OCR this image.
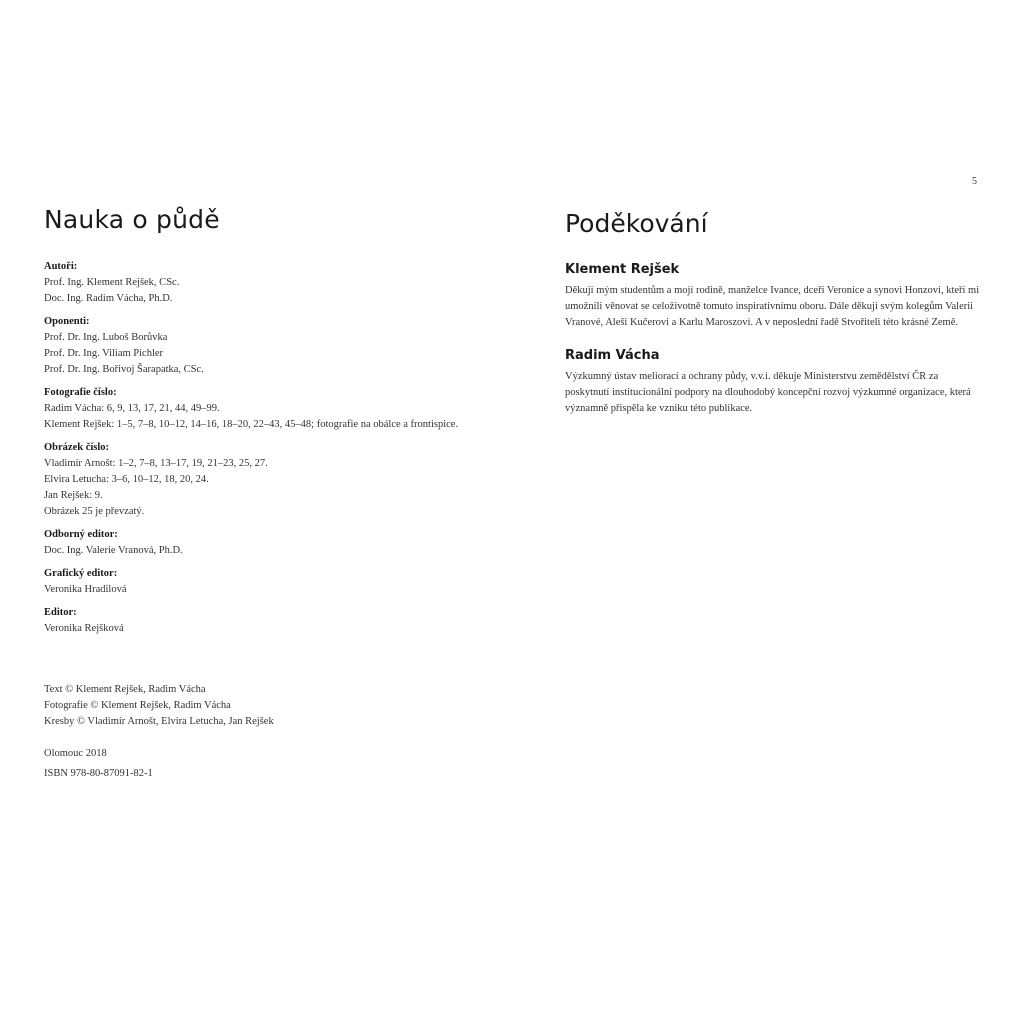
5
Nauka o půdě
Autoři:
Prof. Ing. Klement Rejšek, CSc.
Doc. Ing. Radim Vácha, Ph.D.
Oponenti:
Prof. Dr. Ing. Luboš Borůvka
Prof. Dr. Ing. Viliam Pichler
Prof. Dr. Ing. Bořivoj Šarapatka, CSc.
Fotografie číslo:
Radim Vácha: 6, 9, 13, 17, 21, 44, 49–99.
Klement Rejšek: 1–5, 7–8, 10–12, 14–16, 18–20, 22–43, 45–48; fotografie na obálce a frontispice.
Obrázek číslo:
Vladimír Arnošt: 1–2, 7–8, 13–17, 19, 21–23, 25, 27.
Elvira Letucha: 3–6, 10–12, 18, 20, 24.
Jan Rejšek: 9.
Obrázek 25 je převzatý.
Odborný editor:
Doc. Ing. Valerie Vranová, Ph.D.
Grafický editor:
Veronika Hradilová
Editor:
Veronika Rejšková
Text © Klement Rejšek, Radim Vácha
Fotografie © Klement Rejšek, Radim Vácha
Kresby © Vladimír Arnošt, Elvira Letucha, Jan Rejšek
Olomouc 2018
ISBN 978-80-87091-82-1
Poděkování
Klement Rejšek

Děkuji mým studentům a mojí rodině, manželce Ivance, dceři Veronice a synovi Honzovi, kteří mi umožnili věnovat se celoživotně tomuto inspirativnímu oboru. Dále děkuji svým kolegům Valerii Vranové, Aleši Kučerovi a Karlu Maroszovi. A v neposlední řadě Stvořiteli této krásné Země.

Radim Vácha

Výzkumný ústav meliorací a ochrany půdy, v.v.i. děkuje Ministerstvu zemědělství ČR za poskytnutí institucionální podpory na dlouhodobý koncepční rozvoj výzkumné organizace, která významně přispěla ke vzniku této publikace.
